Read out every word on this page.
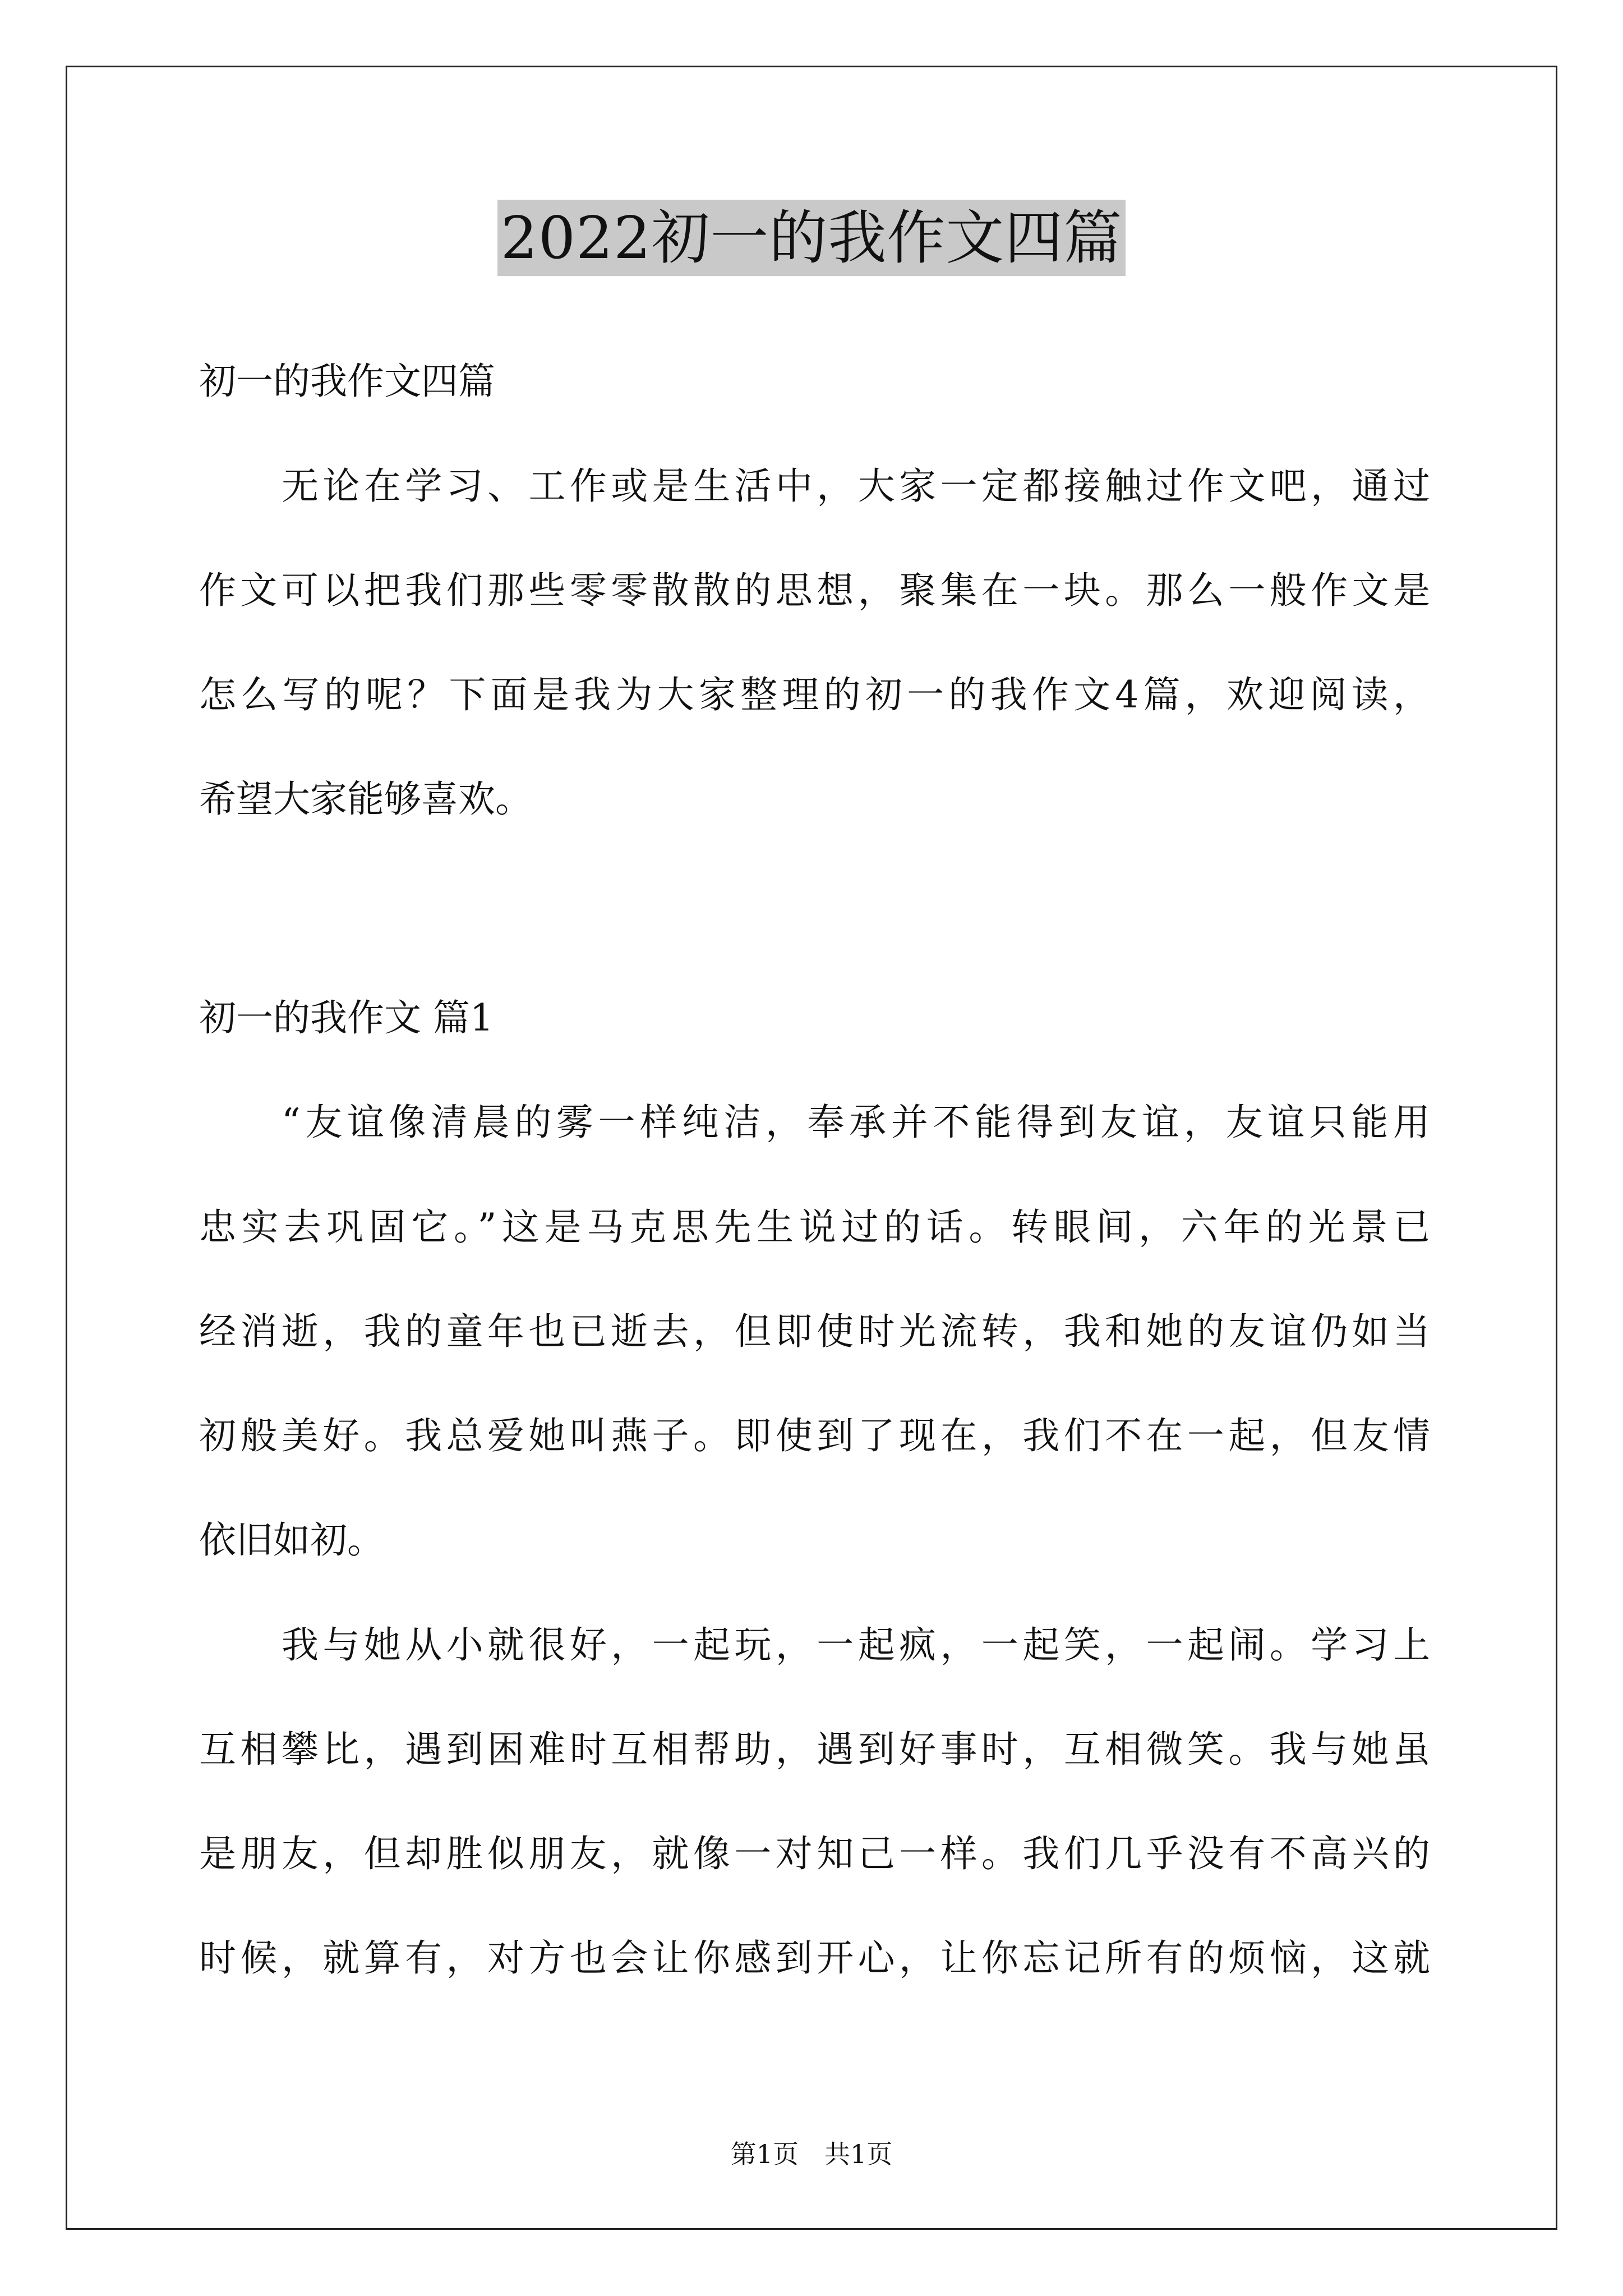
2022初一的我作文四篇
初一的我作文四篇
无论在学习、工作或是生活中，大家一定都接触过作文吧，通过
作文可以把我们那些零零散散的思想，聚集在一块。那么一般作文是
怎么写的呢？下面是我为大家整理的初一的我作文4篇，欢迎阅读，
希望大家能够喜欢。
初一的我作文 篇1
“友谊像清晨的雾一样纯洁，奉承并不能得到友谊，友谊只能用
忠实去巩固它。”这是马克思先生说过的话。转眼间，六年的光景已
经消逝，我的童年也已逝去，但即使时光流转，我和她的友谊仍如当
初般美好。我总爱她叫燕子。即使到了现在，我们不在一起，但友情
依旧如初。
我与她从小就很好，一起玩，一起疯，一起笑，一起闹。学习上
互相攀比，遇到困难时互相帮助，遇到好事时，互相微笑。我与她虽
是朋友，但却胜似朋友，就像一对知己一样。我们几乎没有不高兴的
时候，就算有，对方也会让你感到开心，让你忘记所有的烦恼，这就
第1页　共1页
